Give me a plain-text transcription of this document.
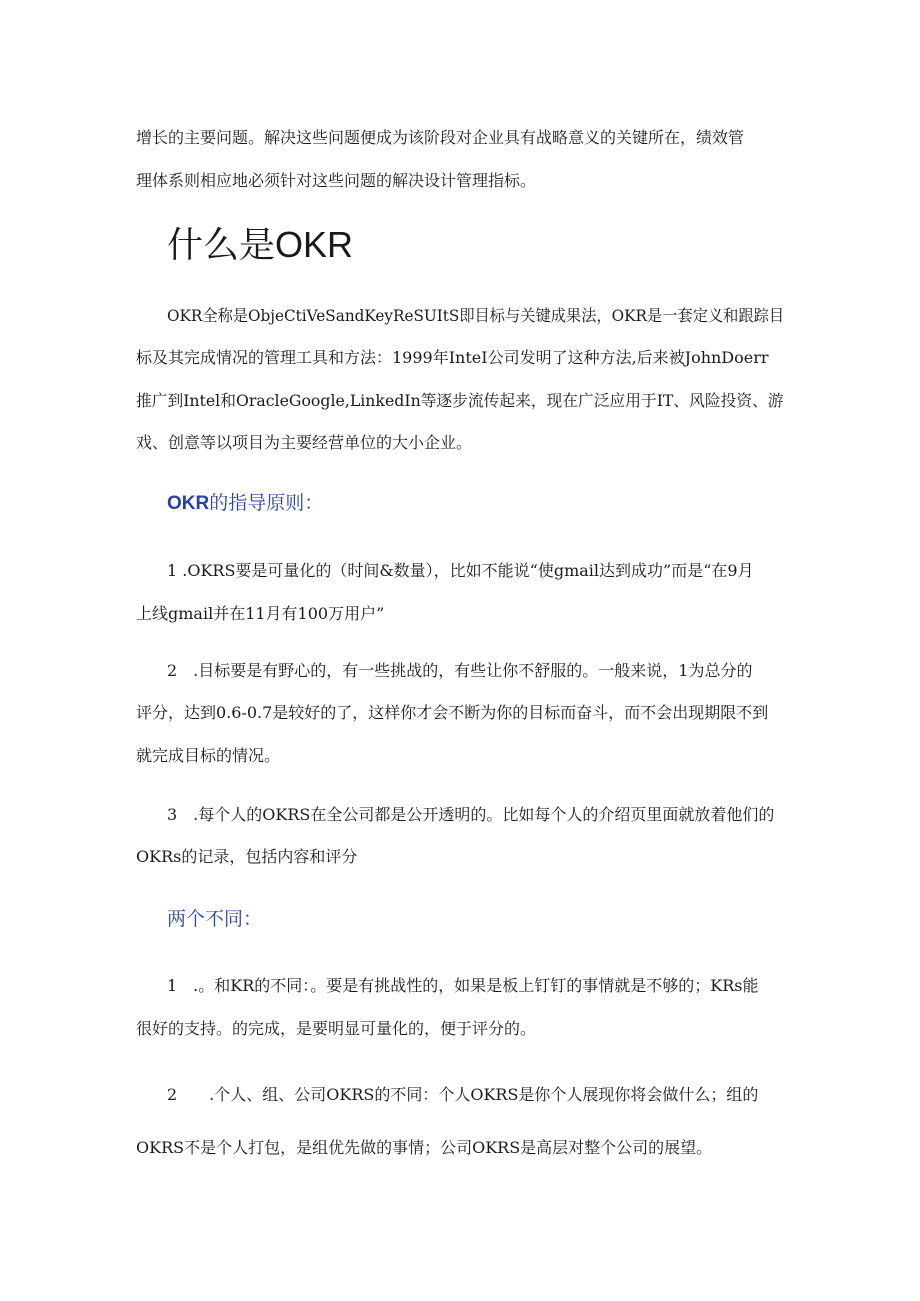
增长的主要问题。解决这些问题便成为该阶段对企业具有战略意义的关键所在，绩效管
理体系则相应地必须针对这些问题的解决设计管理指标。
什么是OKR
OKR全称是ObjeCtiVeSandKeyReSUItS即目标与关键成果法，OKR是一套定义和跟踪目
标及其完成情况的管理工具和方法：1999年InteI公司发明了这种方法,后来被JohnDoerr
推广到Intel和OracleGoogle,LinkedIn等逐步流传起来，现在广泛应用于IT、风险投资、游
戏、创意等以项目为主要经营单位的大小企业。
OKR的指导原则：
1 .OKRS要是可量化的（时间&数量），比如不能说“使gmail达到成功”而是“在9月
上线gmail并在11月有100万用户”
2　.目标要是有野心的，有一些挑战的，有些让你不舒服的。一般来说，1为总分的
评分，达到0.6-0.7是较好的了，这样你才会不断为你的目标而奋斗，而不会出现期限不到
就完成目标的情况。
3　.每个人的OKRS在全公司都是公开透明的。比如每个人的介绍页里面就放着他们的
OKRs的记录，包括内容和评分
两个不同：
1　.。和KR的不同：。要是有挑战性的，如果是板上钉钉的事情就是不够的；KRs能
很好的支持。的完成，是要明显可量化的，便于评分的。
2　　.个人、组、公司OKRS的不同：个人OKRS是你个人展现你将会做什么；组的
OKRS不是个人打包，是组优先做的事情；公司OKRS是高层对整个公司的展望。
